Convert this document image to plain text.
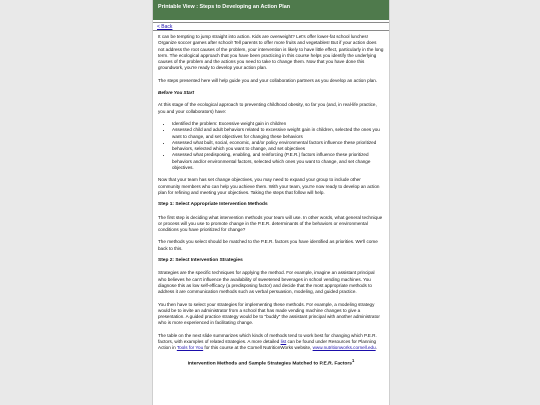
Printable View : Steps to Developing an Action Plan
< Back

It can be tempting to jump straight into action. Kids are overweight? Let's offer lower-fat school lunches! Organize soccer games after school! Tell parents to offer more fruits and vegetables! But if your action does not address the root causes of the problem, your intervention is likely to have little effect, particularly in the long term. The ecological approach that you have been practicing in this course helps you identify the underlying causes of the problem and the actions you need to take to change them. Now that you have done this groundwork, you're ready to develop your action plan.

The steps presented here will help guide you and your collaboration partners as you develop an action plan.

Before You Start

At this stage of the ecological approach to preventing childhood obesity, so far you (and, in real-life practice, you and your collaborators) have:

• Identified the problem: Excessive weight gain in children
• Assessed child and adult behaviors related to excessive weight gain in children, selected the ones you want to change, and set objectives for changing these behaviors
• Assessed what built, social, economic, and/or policy environmental factors influence these prioritized behaviors, selected which you want to change, and set objectives
• Assessed what predisposing, enabling, and reinforcing (P.E.R.) factors influence these prioritized behaviors and/or environmental factors, selected which ones you want to change, and set change objectives.

Now that your team has set change objectives, you may need to expand your group to include other community members who can help you achieve them. With your team, you're now ready to develop an action plan for refining and meeting your objectives. Taking the steps that follow will help.

Step 1: Select Appropriate Intervention Methods

The first step is deciding what intervention methods your team will use. In other words, what general technique or process will you use to promote change in the P.E.R. determinants of the behaviors or environmental conditions you have prioritized for change?

The methods you select should be matched to the P.E.R. factors you have identified as priorities. We'll come back to this.

Step 2: Select Intervention Strategies

Strategies are the specific techniques for applying the method. For example, imagine an assistant principal who believes he can't influence the availability of sweetened beverages in school vending machines. You diagnose this as low self-efficacy (a predisposing factor) and decide that the most appropriate methods to address it are communication methods such as verbal persuasion, modeling, and guided practice.

You then have to select your strategies for implementing these methods. For example, a modeling strategy would be to invite an administrator from a school that has made vending machine changes to give a presentation. A guided practice strategy would be to "buddy" the assistant principal with another administrator who is more experienced in facilitating change.

The table on the next slide summarizes which kinds of methods tend to work best for changing which P.E.R. factors, with examples of related strategies. A more detailed list can be found under Resources for Planning Action in Tools for You for this course at the Cornell NutritionWorks website, www.nutritionworks.cornell.edu.

Intervention Methods and Sample Strategies Matched to P.E.R. Factors$^1$
